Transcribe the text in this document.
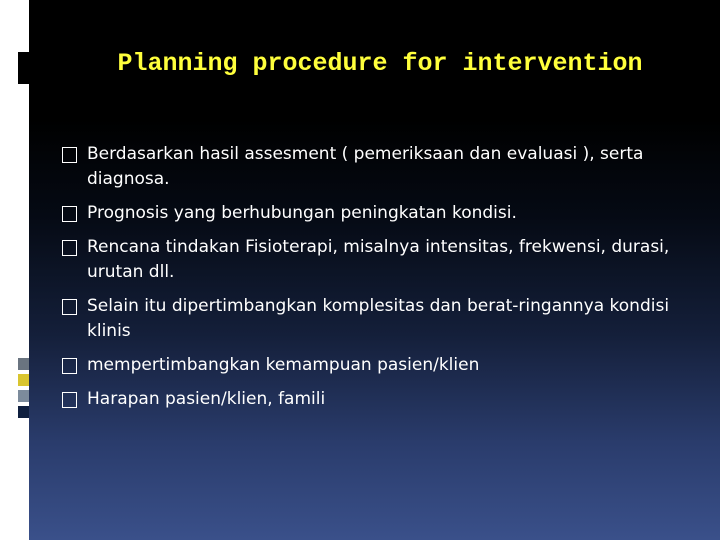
Planning procedure for intervention
Berdasarkan hasil assesment ( pemeriksaan dan evaluasi ), serta diagnosa.
Prognosis yang berhubungan peningkatan kondisi.
Rencana tindakan Fisioterapi, misalnya intensitas, frekwensi, durasi, urutan dll.
Selain itu dipertimbangkan komplesitas dan berat-ringannya kondisi klinis
mempertimbangkan kemampuan pasien/klien
Harapan pasien/klien, famili
